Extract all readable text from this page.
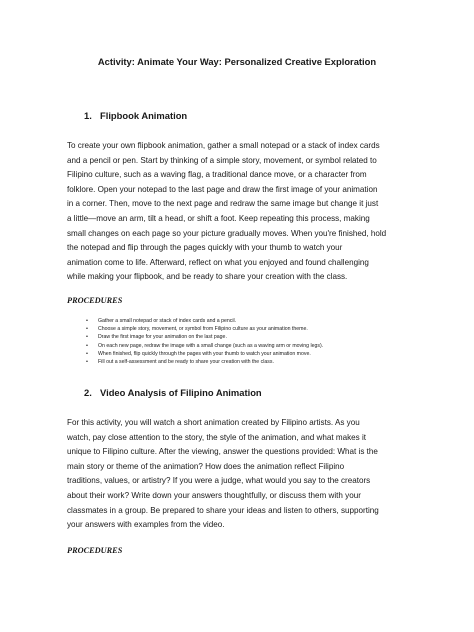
Activity: Animate Your Way: Personalized Creative Exploration
1. Flipbook Animation
To create your own flipbook animation, gather a small notepad or a stack of index cards
and a pencil or pen. Start by thinking of a simple story, movement, or symbol related to
Filipino culture, such as a waving flag, a traditional dance move, or a character from
folklore. Open your notepad to the last page and draw the first image of your animation
in a corner. Then, move to the next page and redraw the same image but change it just
a little—move an arm, tilt a head, or shift a foot. Keep repeating this process, making
small changes on each page so your picture gradually moves. When you're finished, hold
the notepad and flip through the pages quickly with your thumb to watch your
animation come to life. Afterward, reflect on what you enjoyed and found challenging
while making your flipbook, and be ready to share your creation with the class.
PROCEDURES
• Gather a small notepad or stack of index cards and a pencil.
• Choose a simple story, movement, or symbol from Filipino culture as your animation theme.
• Draw the first image for your animation on the last page.
• On each new page, redraw the image with a small change (such as a waving arm or moving legs).
• When finished, flip quickly through the pages with your thumb to watch your animation move.
• Fill out a self-assessment and be ready to share your creation with the class.
2. Video Analysis of Filipino Animation
For this activity, you will watch a short animation created by Filipino artists. As you
watch, pay close attention to the story, the style of the animation, and what makes it
unique to Filipino culture. After the viewing, answer the questions provided: What is the
main story or theme of the animation? How does the animation reflect Filipino
traditions, values, or artistry? If you were a judge, what would you say to the creators
about their work? Write down your answers thoughtfully, or discuss them with your
classmates in a group. Be prepared to share your ideas and listen to others, supporting
your answers with examples from the video.
PROCEDURES
